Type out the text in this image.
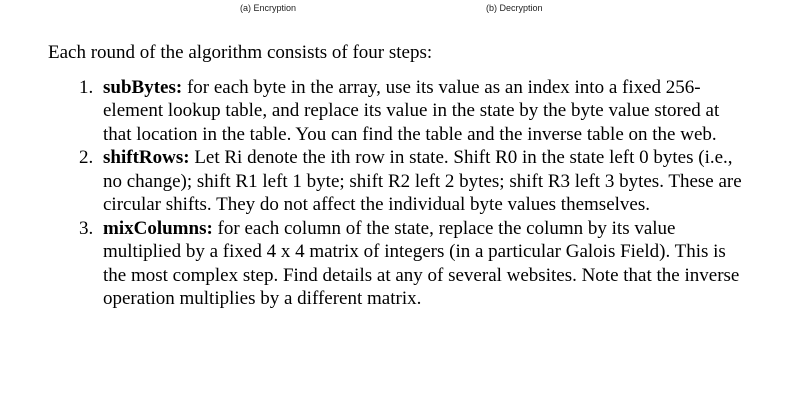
(a) Encryption	(b) Decryption

Each round of the algorithm consists of four steps:

1. subBytes: for each byte in the array, use its value as an index into a fixed 256-element lookup table, and replace its value in the state by the byte value stored at that location in the table. You can find the table and the inverse table on the web.
2. shiftRows: Let Ri denote the ith row in state. Shift R0 in the state left 0 bytes (i.e., no change); shift R1 left 1 byte; shift R2 left 2 bytes; shift R3 left 3 bytes. These are circular shifts. They do not affect the individual byte values themselves.
3. mixColumns: for each column of the state, replace the column by its value multiplied by a fixed 4 x 4 matrix of integers (in a particular Galois Field). This is the most complex step. Find details at any of several websites. Note that the inverse operation multiplies by a different matrix.
